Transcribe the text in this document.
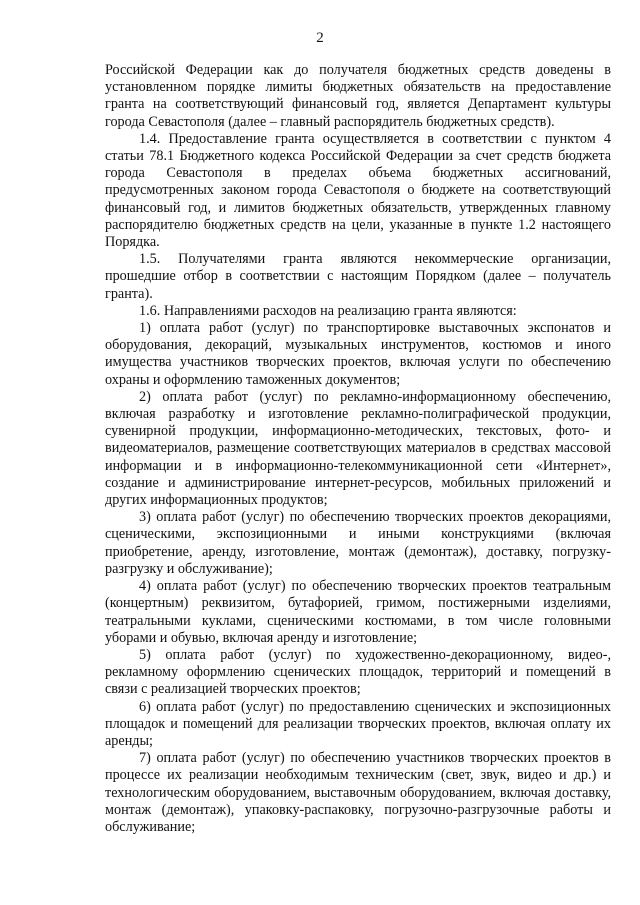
2

Российской Федерации как до получателя бюджетных средств доведены в установленном порядке лимиты бюджетных обязательств на предоставление гранта на соответствующий финансовый год, является Департамент культуры города Севастополя (далее – главный распорядитель бюджетных средств).

1.4. Предоставление гранта осуществляется в соответствии с пунктом 4 статьи 78.1 Бюджетного кодекса Российской Федерации за счет средств бюджета города Севастополя в пределах объема бюджетных ассигнований, предусмотренных законом города Севастополя о бюджете на соответствующий финансовый год, и лимитов бюджетных обязательств, утвержденных главному распорядителю бюджетных средств на цели, указанные в пункте 1.2 настоящего Порядка.

1.5. Получателями гранта являются некоммерческие организации, прошедшие отбор в соответствии с настоящим Порядком (далее – получатель гранта).

1.6. Направлениями расходов на реализацию гранта являются:

1) оплата работ (услуг) по транспортировке выставочных экспонатов и оборудования, декораций, музыкальных инструментов, костюмов и иного имущества участников творческих проектов, включая услуги по обеспечению охраны и оформлению таможенных документов;

2) оплата работ (услуг) по рекламно-информационному обеспечению, включая разработку и изготовление рекламно-полиграфической продукции, сувенирной продукции, информационно-методических, текстовых, фото- и видеоматериалов, размещение соответствующих материалов в средствах массовой информации и в информационно-телекоммуникационной сети «Интернет», создание и администрирование интернет-ресурсов, мобильных приложений и других информационных продуктов;

3) оплата работ (услуг) по обеспечению творческих проектов декорациями, сценическими, экспозиционными и иными конструкциями (включая приобретение, аренду, изготовление, монтаж (демонтаж), доставку, погрузку-разгрузку и обслуживание);

4) оплата работ (услуг) по обеспечению творческих проектов театральным (концертным) реквизитом, бутафорией, гримом, постижерными изделиями, театральными куклами, сценическими костюмами, в том числе головными уборами и обувью, включая аренду и изготовление;

5) оплата работ (услуг) по художественно-декорационному, видео-, рекламному оформлению сценических площадок, территорий и помещений в связи с реализацией творческих проектов;

6) оплата работ (услуг) по предоставлению сценических и экспозиционных площадок и помещений для реализации творческих проектов, включая оплату их аренды;

7) оплата работ (услуг) по обеспечению участников творческих проектов в процессе их реализации необходимым техническим (свет, звук, видео и др.) и технологическим оборудованием, выставочным оборудованием, включая доставку, монтаж (демонтаж), упаковку-распаковку, погрузочно-разгрузочные работы и обслуживание;
